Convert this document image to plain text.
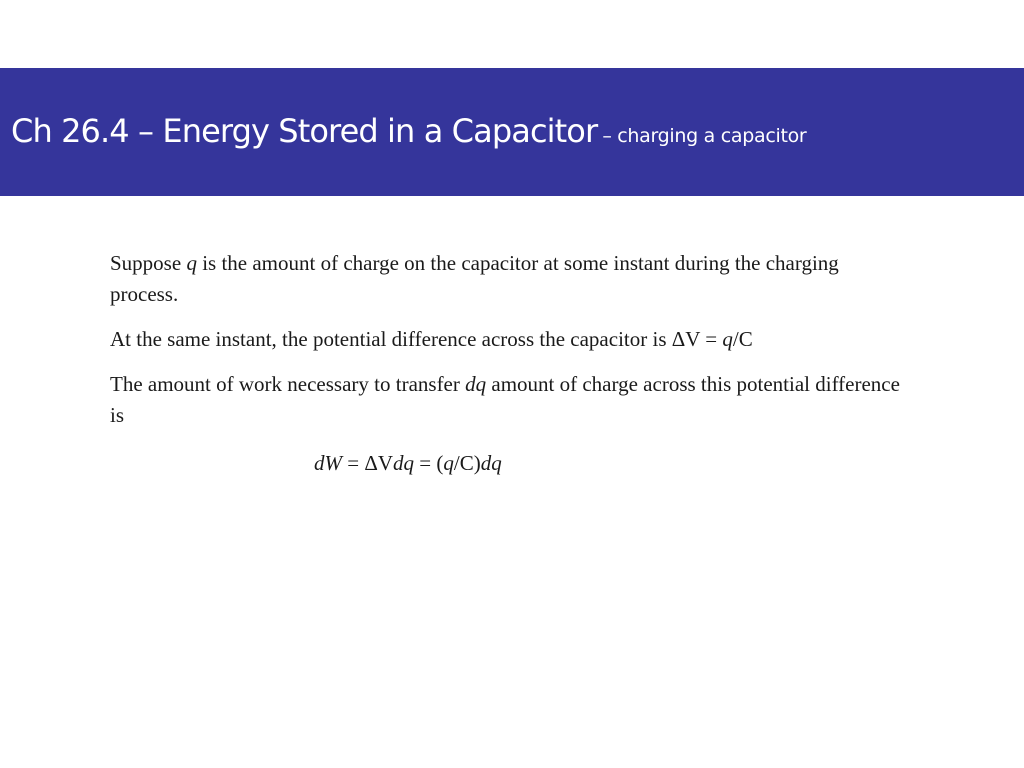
Ch 26.4 – Energy Stored in a Capacitor – charging a capacitor

Suppose q is the amount of charge on the capacitor at some instant during the charging process.

At the same instant, the potential difference across the capacitor is ΔV = q/C

The amount of work necessary to transfer dq amount of charge across this potential difference is

dW = ΔVdq = (q/C)dq
